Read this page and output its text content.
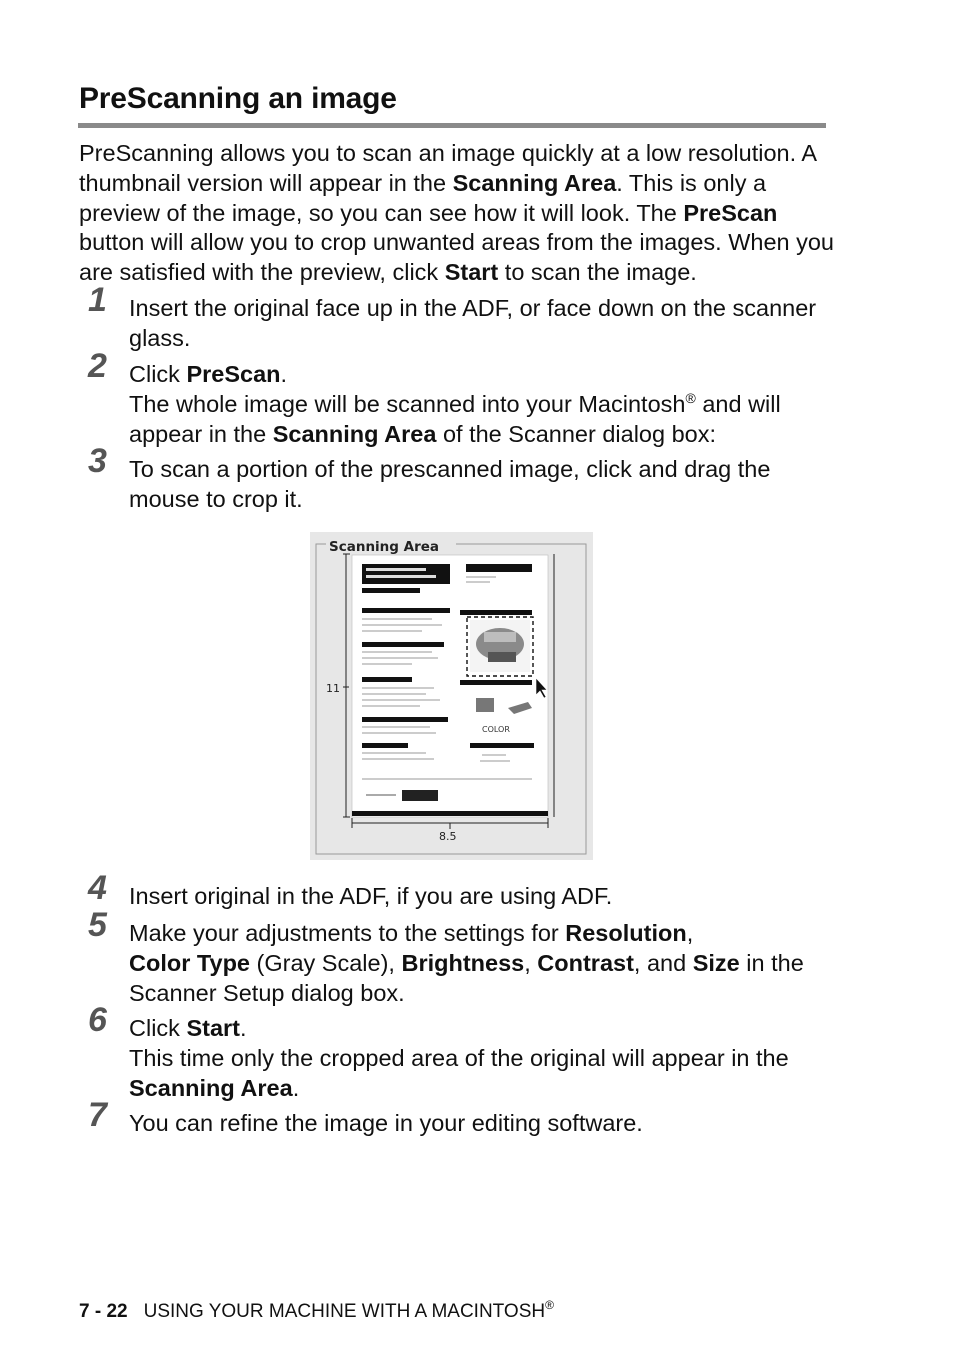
PreScanning an image
PreScanning allows you to scan an image quickly at a low resolution. A thumbnail version will appear in the Scanning Area. This is only a preview of the image, so you can see how it will look. The PreScan button will allow you to crop unwanted areas from the images. When you are satisfied with the preview, click Start to scan the image.
1 Insert the original face up in the ADF, or face down on the scanner glass.
2 Click PreScan.
The whole image will be scanned into your Macintosh® and will appear in the Scanning Area of the Scanner dialog box:
3 To scan a portion of the prescanned image, click and drag the mouse to crop it.
Scanning Area
11
8.5
COLOR
4 Insert original in the ADF, if you are using ADF.
5 Make your adjustments to the settings for Resolution,
Color Type (Gray Scale), Brightness, Contrast, and Size in the Scanner Setup dialog box.
6 Click Start.
This time only the cropped area of the original will appear in the Scanning Area.
7 You can refine the image in your editing software.
7 - 22 USING YOUR MACHINE WITH A MACINTOSH®
